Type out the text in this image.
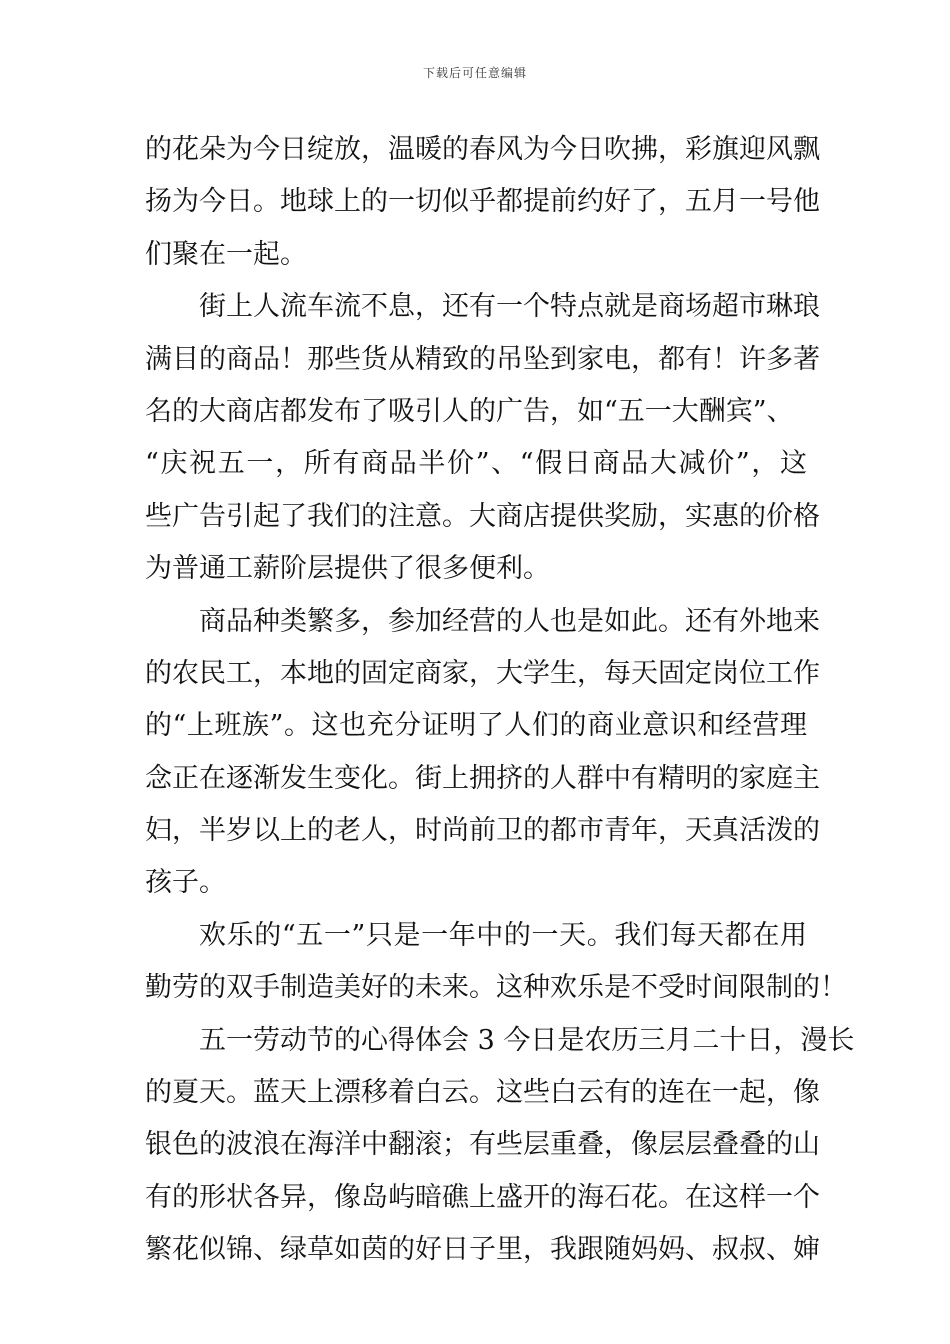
下载后可任意编辑
的花朵为今日绽放，温暖的春风为今日吹拂，彩旗迎风飘
扬为今日。地球上的一切似乎都提前约好了，五月一号他
们聚在一起。
街上人流车流不息，还有一个特点就是商场超市琳琅
满目的商品！那些货从精致的吊坠到家电，都有！许多著
名的大商店都发布了吸引人的广告，如“五一大酬宾”、
“庆祝五一，所有商品半价”、“假日商品大减价”，这
些广告引起了我们的注意。大商店提供奖励，实惠的价格
为普通工薪阶层提供了很多便利。
商品种类繁多，参加经营的人也是如此。还有外地来
的农民工，本地的固定商家，大学生，每天固定岗位工作
的“上班族”。这也充分证明了人们的商业意识和经营理
念正在逐渐发生变化。街上拥挤的人群中有精明的家庭主
妇，半岁以上的老人，时尚前卫的都市青年，天真活泼的
孩子。
欢乐的“五一”只是一年中的一天。我们每天都在用
勤劳的双手制造美好的未来。这种欢乐是不受时间限制的！
五一劳动节的心得体会 3 今日是农历三月二十日，漫长
的夏天。蓝天上漂移着白云。这些白云有的连在一起，像
银色的波浪在海洋中翻滚；有些层重叠，像层层叠叠的山
有的形状各异，像岛屿暗礁上盛开的海石花。在这样一个
繁花似锦、绿草如茵的好日子里，我跟随妈妈、叔叔、婶
